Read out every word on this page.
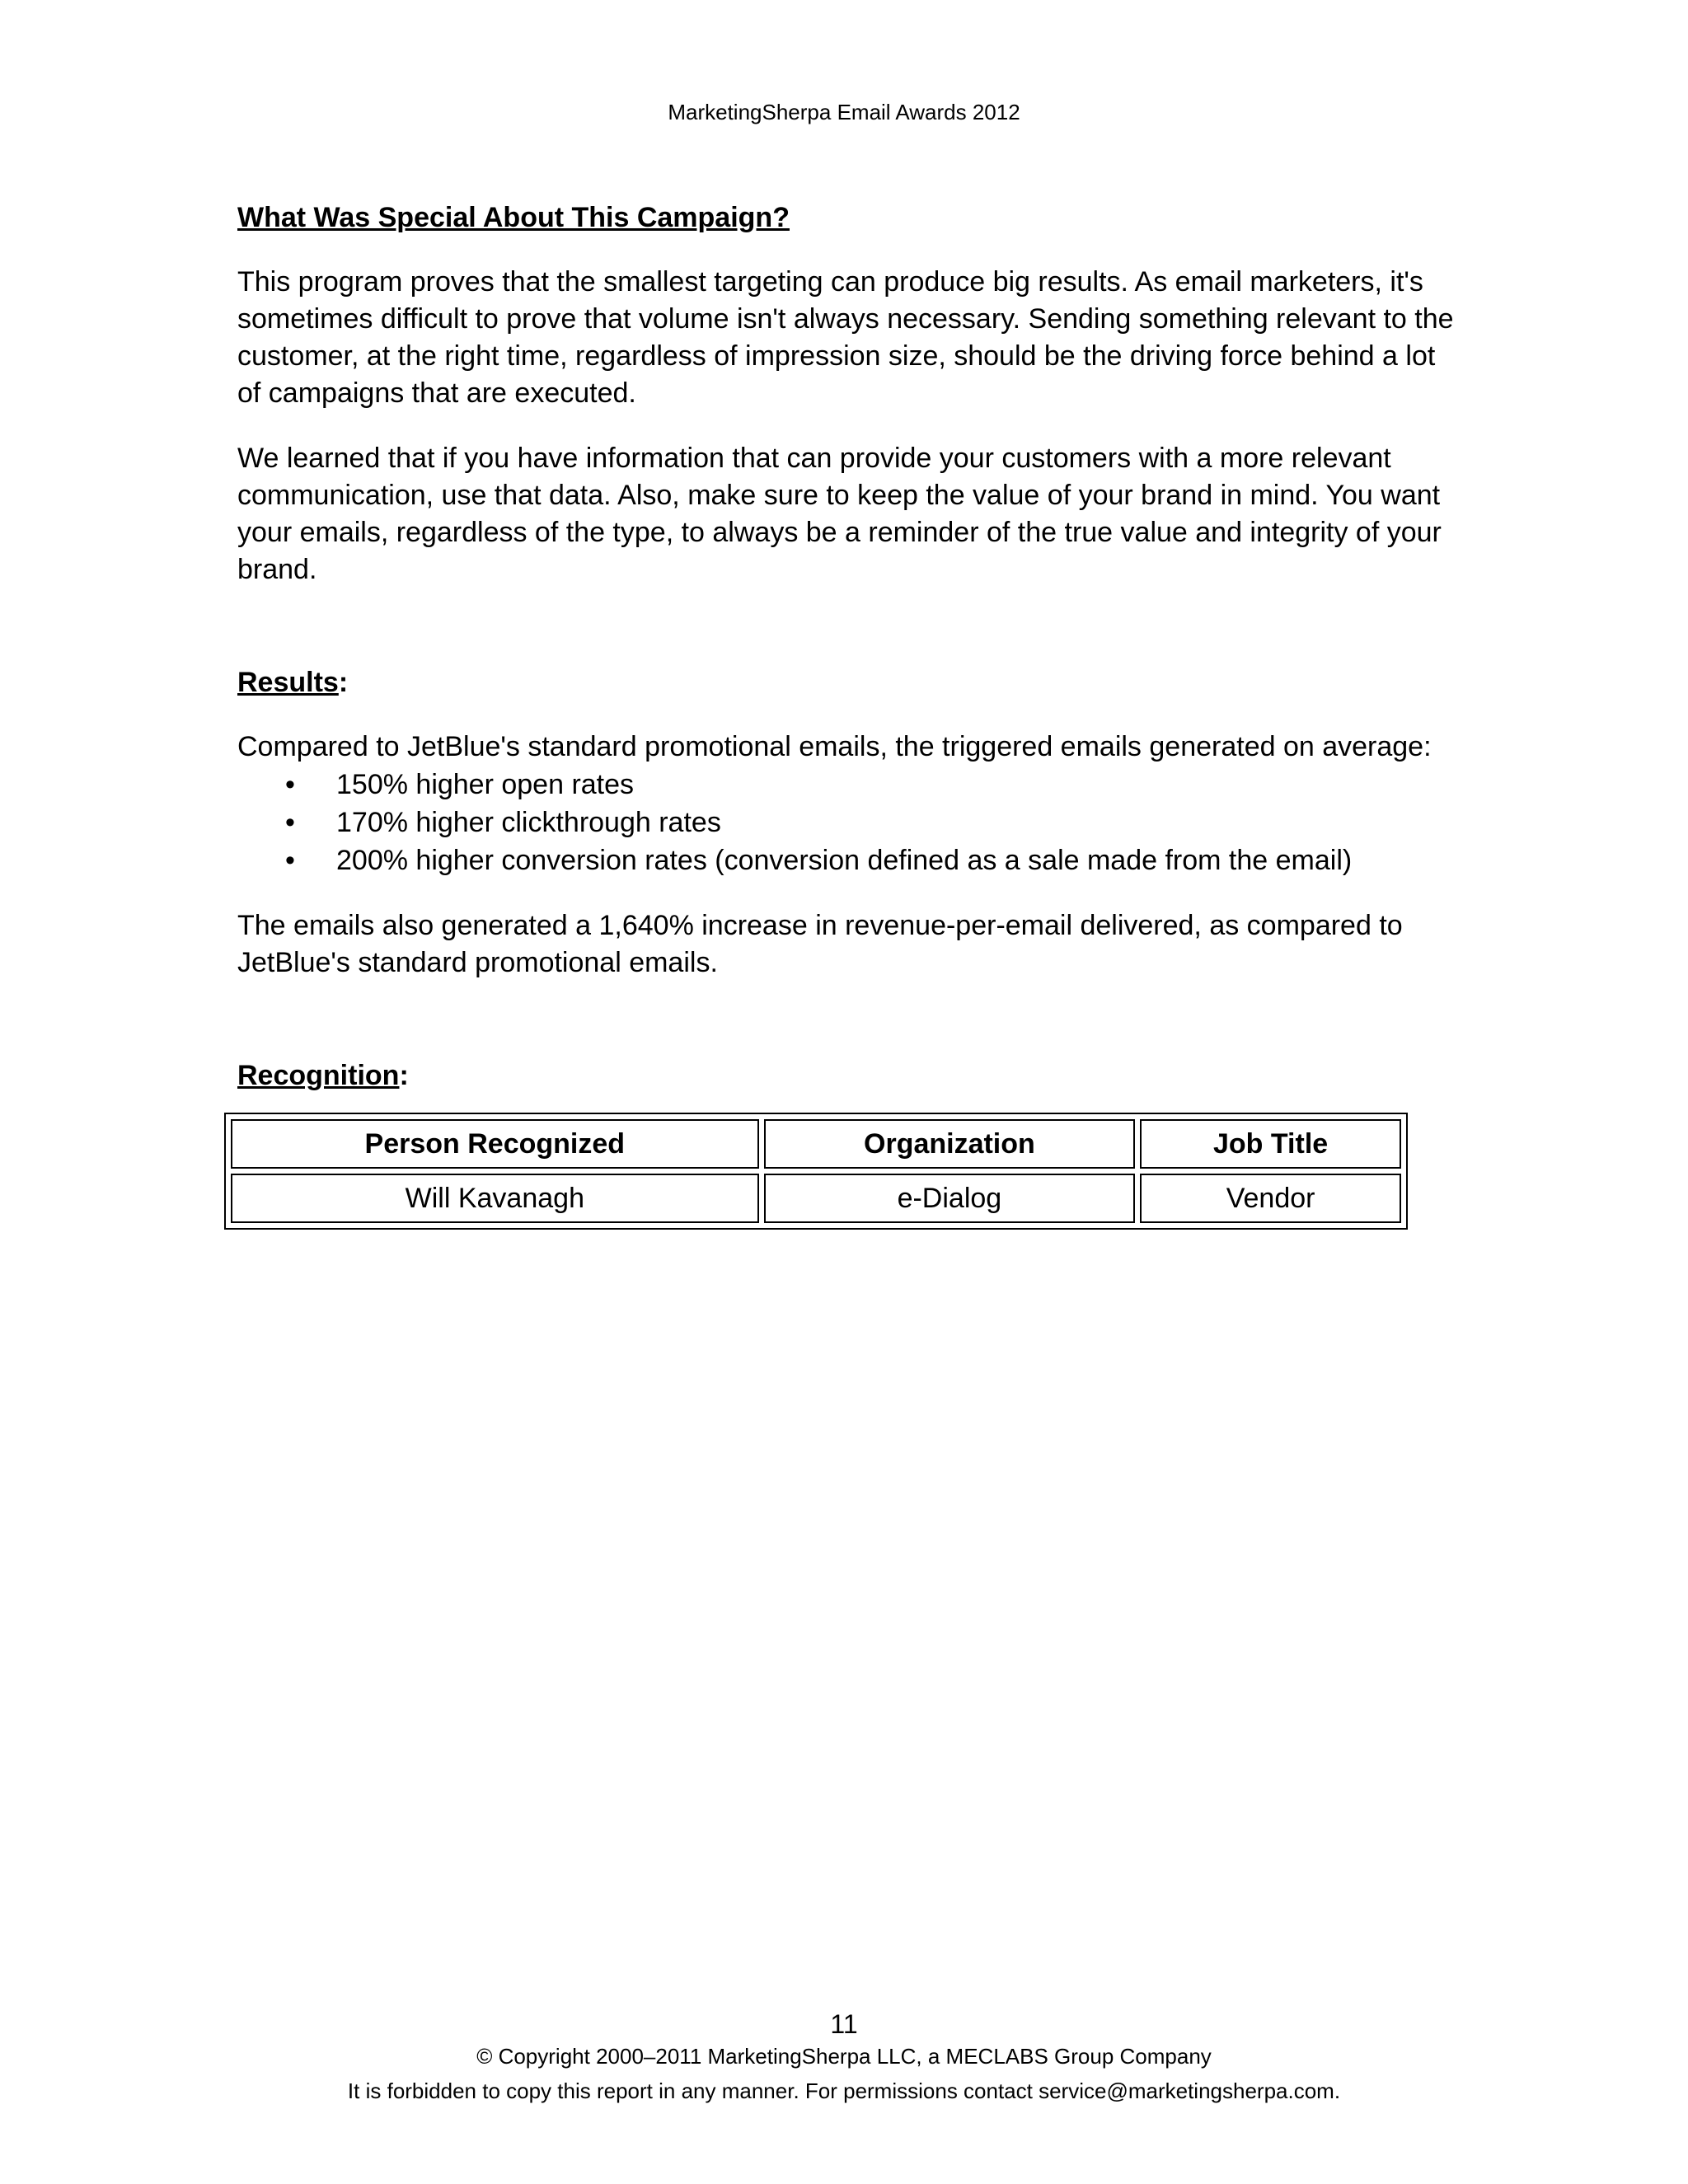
MarketingSherpa Email Awards 2012
What Was Special About This Campaign?

This program proves that the smallest targeting can produce big results. As email marketers, it's sometimes difficult to prove that volume isn't always necessary. Sending something relevant to the customer, at the right time, regardless of impression size, should be the driving force behind a lot of campaigns that are executed.

We learned that if you have information that can provide your customers with a more relevant communication, use that data. Also, make sure to keep the value of your brand in mind. You want your emails, regardless of the type, to always be a reminder of the true value and integrity of your brand.

Results:

Compared to JetBlue's standard promotional emails, the triggered emails generated on average:

• 150% higher open rates
• 170% higher clickthrough rates
• 200% higher conversion rates (conversion defined as a sale made from the email)

The emails also generated a 1,640% increase in revenue-per-email delivered, as compared to JetBlue's standard promotional emails.

Recognition:
Person Recognized	Organization	Job Title
Will Kavanagh	e-Dialog	Vendor
11
© Copyright 2000–2011 MarketingSherpa LLC, a MECLABS Group Company
It is forbidden to copy this report in any manner. For permissions contact service@marketingsherpa.com.
